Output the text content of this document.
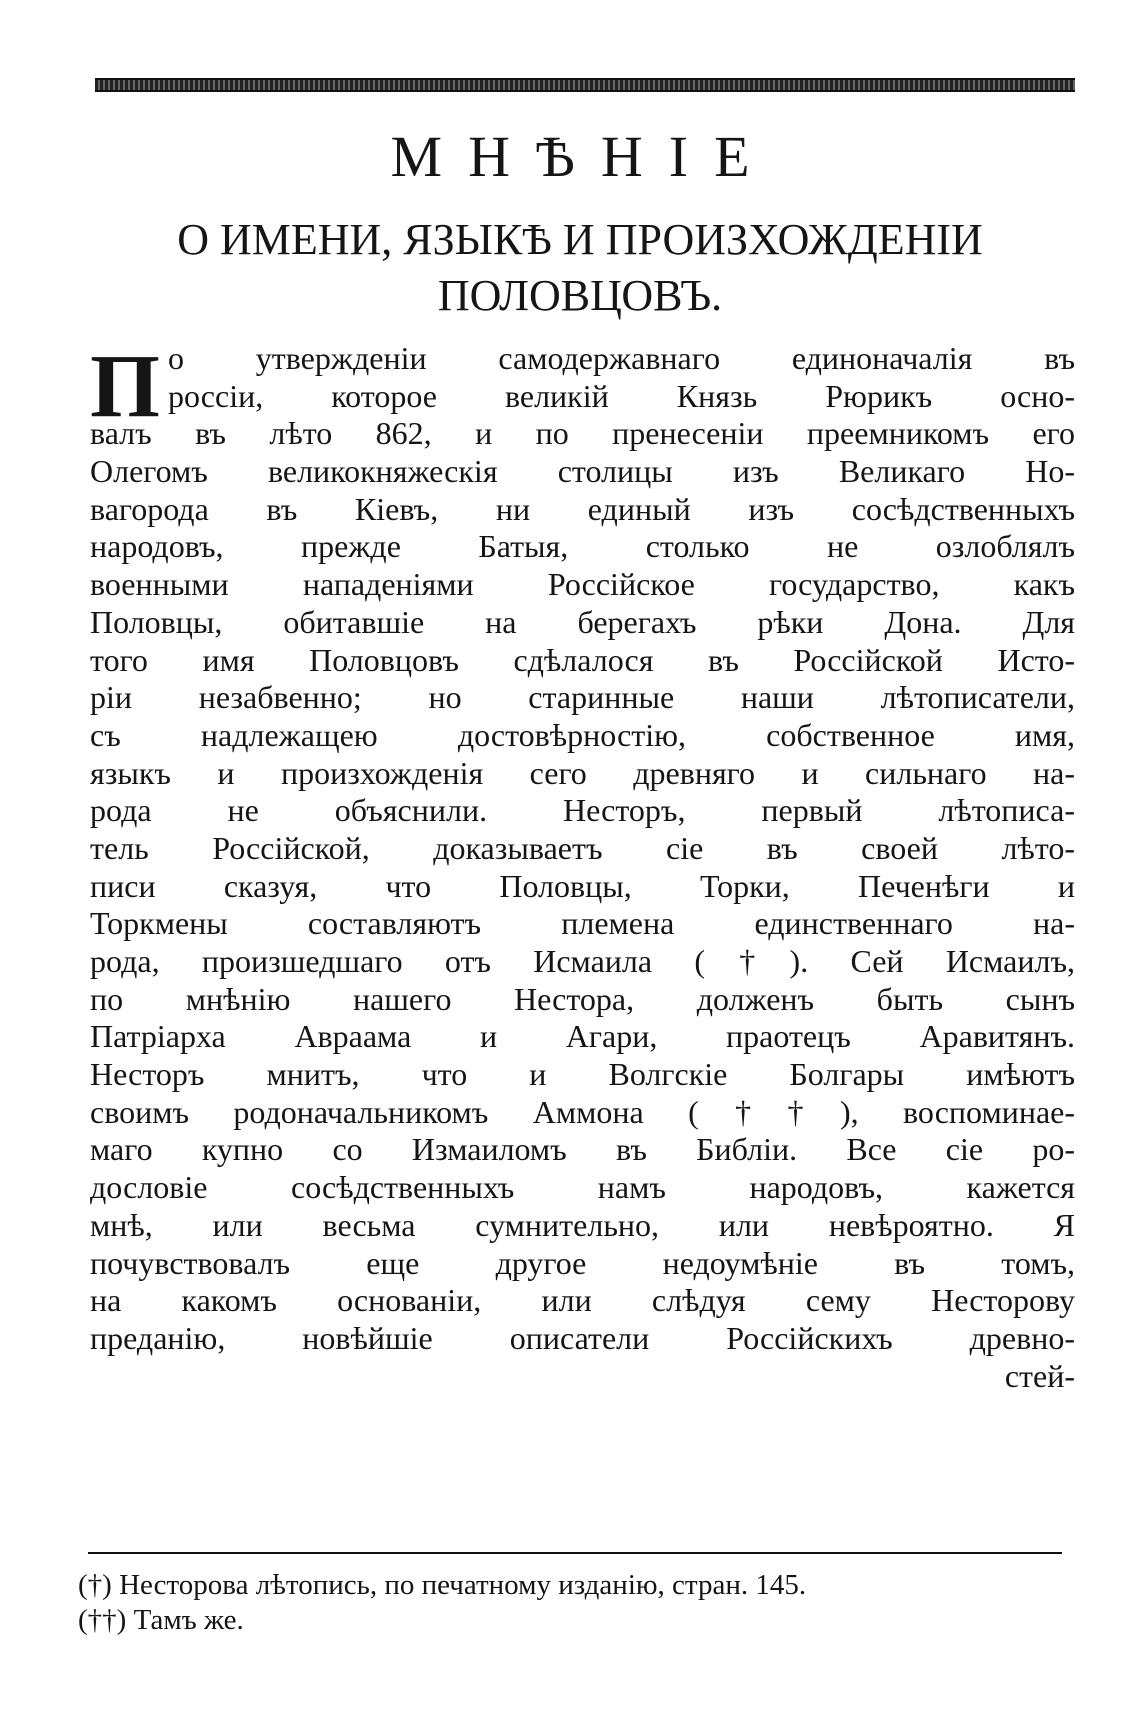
МНѢНІЕ
О ИМЕНИ, ЯЗЫКѢ И ПРОИЗХОЖДЕНІИ
ПОЛОВЦОВЪ.
П о утвержденіи самодержавнаго единоначалія въ
россіи, которое великій Князь Рюрикъ осно-
валъ въ лѣто 862, и по пренесеніи преемникомъ его
Олегомъ великокняжескія столицы изъ Великаго Но-
вагорода въ Кіевъ, ни единый изъ сосѣдственныхъ
народовъ, прежде Батыя, столько не озлоблялъ
военными нападеніями Россійское государство, какъ
Половцы, обитавшіе на берегахъ рѣки Дона. Для
того имя Половцовъ сдѣлалося въ Россійской Исто-
ріи незабвенно; но старинные наши лѣтописатели,
съ надлежащею достовѣрностію, собственное имя,
языкъ и произхожденія сего древняго и сильнаго на-
рода не объяснили. Несторъ, первый лѣтописа-
тель Россійской, доказываетъ сіе въ своей лѣто-
писи сказуя, что Половцы, Торки, Печенѣги и
Торкмены составляютъ племена единственнаго на-
рода, произшедшаго отъ Исмаила (†). Сей Исмаилъ,
по мнѣнію нашего Нестора, долженъ быть сынъ
Патріарха Авраама и Агари, праотецъ Аравитянъ.
Несторъ мнитъ, что и Волгскіе Болгары имѣютъ
своимъ родоначальникомъ Аммона (††), воспоминае-
маго купно со Измаиломъ въ Библіи. Все сіе ро-
дословіе сосѣдственныхъ намъ народовъ, кажется
мнѣ, или весьма сумнительно, или невѣроятно. Я
почувствовалъ еще другое недоумѣніе въ томъ,
на какомъ основаніи, или слѣдуя сему Несторову
преданію, новѣйшіе описатели Россійскихъ древно-
стей-
(†) Несторова лѣтопись, по печатному изданію, стран. 145.
(††) Тамъ же.
